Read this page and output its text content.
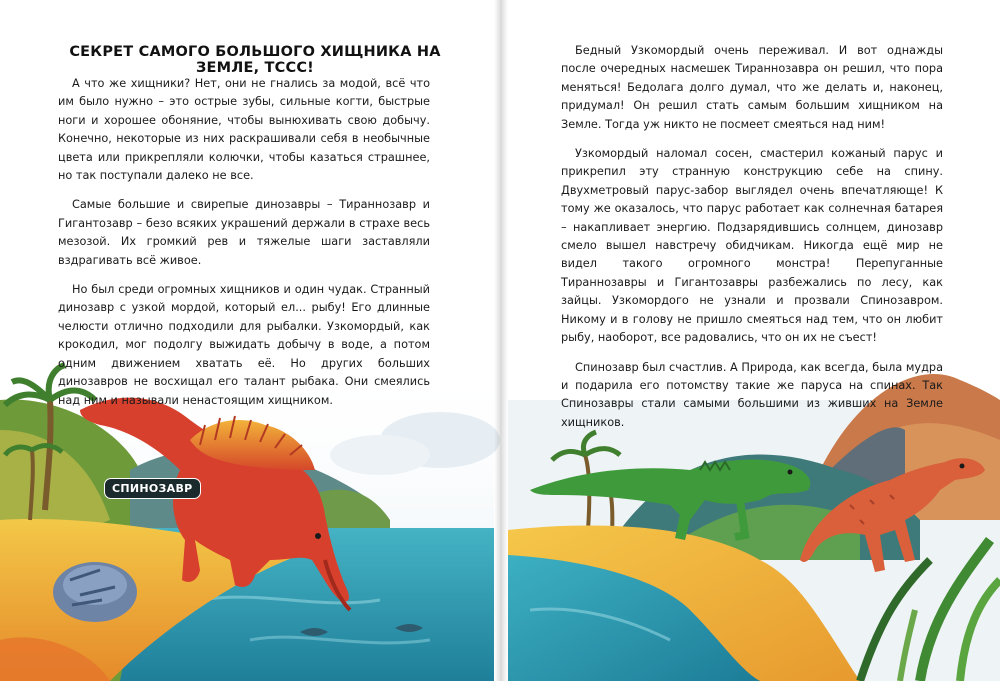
СЕКРЕТ САМОГО БОЛЬШОГО ХИЩНИКА НА ЗЕМЛЕ, ТССС!

А что же хищники? Нет, они не гнались за модой, всё что им было нужно – это острые зубы, сильные когти, быстрые ноги и хорошее обоняние, чтобы вынюхивать свою добычу. Конечно, некоторые из них раскрашивали себя в необычные цвета или прикрепляли колючки, чтобы казаться страшнее, но так поступали далеко не все.

Самые большие и свирепые динозавры – Тираннозавр и Гигантозавр – безо всяких украшений держали в страхе весь мезозой. Их громкий рев и тяжелые шаги заставляли вздрагивать всё живое.

Но был среди огромных хищников и один чудак. Странный динозавр с узкой мордой, который ел... рыбу! Его длинные челюсти отлично подходили для рыбалки. Узкомордый, как крокодил, мог подолгу выжидать добычу в воде, а потом одним движением хватать её. Но других больших динозавров не восхищал его талант рыбака. Они смеялись над ним и называли ненастоящим хищником.

Бедный Узкомордый очень переживал. И вот однажды после очередных насмешек Тираннозавра он решил, что пора меняться! Бедолага долго думал, что же делать и, наконец, придумал! Он решил стать самым большим хищником на Земле. Тогда уж никто не посмеет смеяться над ним!

Узкомордый наломал сосен, смастерил кожаный парус и прикрепил эту странную конструкцию себе на спину. Двухметровый парус-забор выглядел очень впечатляюще! К тому же оказалось, что парус работает как солнечная батарея – накапливает энергию. Подзарядившись солнцем, динозавр смело вышел навстречу обидчикам. Никогда ещё мир не видел такого огромного монстра! Перепуганные Тираннозавры и Гигантозавры разбежались по лесу, как зайцы. Узкомордого не узнали и прозвали Спинозавром. Никому и в голову не пришло смеяться над тем, что он любит рыбу, наоборот, все радовались, что он их не съест!

Спинозавр был счастлив. А Природа, как всегда, была мудра и подарила его потомству такие же паруса на спинах. Так Спинозавры стали самыми большими из живших на Земле хищников.

СПИНОЗАВР
